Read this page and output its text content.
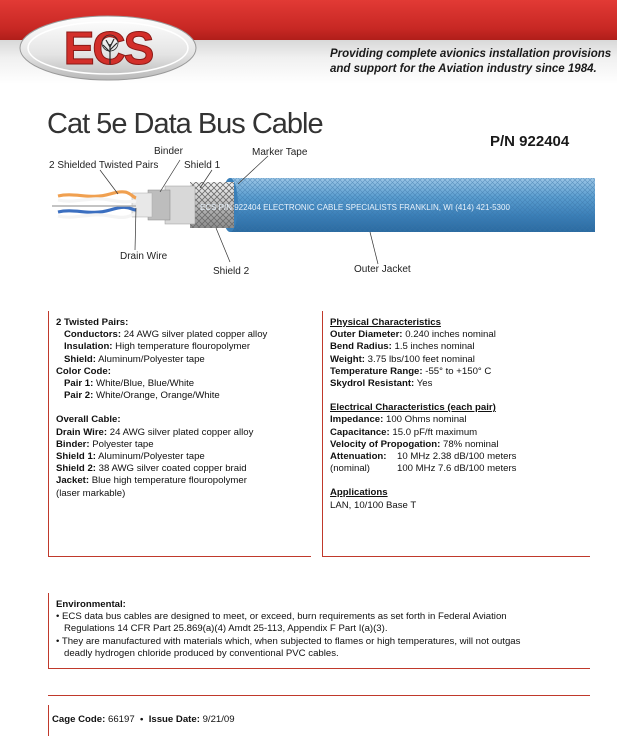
ECS	Providing complete avionics installation provisions
and support for the Aviation industry since 1984.
Cat 5e Data Bus Cable
P/N 922404
ECS P/N 922404 ELECTRONIC CABLE SPECIALISTS FRANKLIN, WI (414) 421-5300
2 Shielded Twisted Pairs
Binder
Shield 1
Marker Tape
Drain Wire
Shield 2	Outer Jacket
2 Twisted Pairs:
Conductors: 24 AWG silver plated copper alloy
Insulation: High temperature flouropolymer
Shield: Aluminum/Polyester tape
Color Code:
Pair 1: White/Blue, Blue/White
Pair 2: White/Orange, Orange/White
Overall Cable:
Drain Wire: 24 AWG silver plated copper alloy
Binder: Polyester tape
Shield 1: Aluminum/Polyester tape
Shield 2: 38 AWG silver coated copper braid
Jacket: Blue high temperature flouropolymer
(laser markable)
Physical Characteristics
Outer Diameter: 0.240 inches nominal
Bend Radius: 1.5 inches nominal
Weight: 3.75 lbs/100 feet nominal
Temperature Range: -55° to +150° C
Skydrol Resistant: Yes
Electrical Characteristics (each pair)
Impedance: 100 Ohms nominal
Capacitance: 15.0 pF/ft maximum
Velocity of Propogation: 78% nominal
Attenuation:	10 MHz 2.38 dB/100 meters
(nominal)	100 MHz 7.6 dB/100 meters
Applications
LAN, 10/100 Base T
Environmental:
• ECS data bus cables are designed to meet, or exceed, burn requirements as set forth in Federal Aviation
Regulations 14 CFR Part 25.869(a)(4) Amdt 25-113, Appendix F Part I(a)(3).
• They are manufactured with materials which, when subjected to flames or high temperatures, will not outgas
deadly hydrogen chloride produced by conventional PVC cables.
Cage Code: 66197 • Issue Date: 9/21/09
